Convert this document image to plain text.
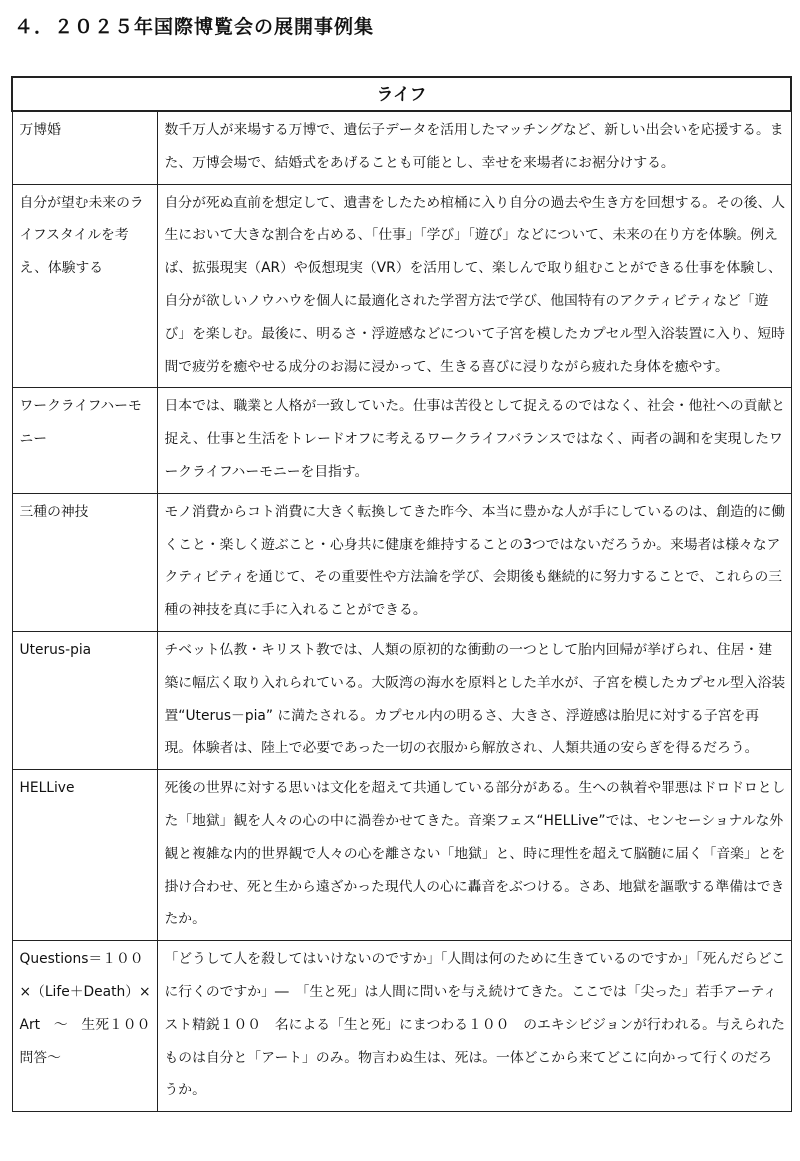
４．２０２５年国際博覧会の展開事例集
ライフ	
万博婚	数千万人が来場する万博で、遺伝子データを活用したマッチングなど、新しい出会いを応援する。また、万博会場で、結婚式をあげることも可能とし、幸せを来場者にお裾分けする。
自分が望む未来のライフスタイルを考え、体験する	自分が死ぬ直前を想定して、遺書をしたため棺桶に入り自分の過去や生き方を回想する。その後、人生において大きな割合を占める、「仕事」「学び」「遊び」などについて、未来の在り方を体験。例えば、拡張現実（AR）や仮想現実（VR）を活用して、楽しんで取り組むことができる仕事を体験し、自分が欲しいノウハウを個人に最適化された学習方法で学び、他国特有のアクティビティなど「遊び」を楽しむ。最後に、明るさ・浮遊感などについて子宮を模したカプセル型入浴装置に入り、短時間で疲労を癒やせる成分のお湯に浸かって、生きる喜びに浸りながら疲れた身体を癒やす。
ワークライフハーモニー	日本では、職業と人格が一致していた。仕事は苦役として捉えるのではなく、社会・他社への貢献と捉え、仕事と生活をトレードオフに考えるワークライフバランスではなく、両者の調和を実現したワークライフハーモニーを目指す。
三種の神技	モノ消費からコト消費に大きく転換してきた昨今、本当に豊かな人が手にしているのは、創造的に働くこと・楽しく遊ぶこと・心身共に健康を維持することの3つではないだろうか。来場者は様々なアクティビティを通じて、その重要性や方法論を学び、会期後も継続的に努力することで、これらの三種の神技を真に手に入れることができる。
Uterus‐pia	チベット仏教・キリスト教では、人類の原初的な衝動の一つとして胎内回帰が挙げられ、住居・建築に幅広く取り入れられている。大阪湾の海水を原料とした羊水が、子宮を模したカプセル型入浴装置“Uterus－pia” に満たされる。カプセル内の明るさ、大きさ、浮遊感は胎児に対する子宮を再現。体験者は、陸上で必要であった一切の衣服から解放され、人類共通の安らぎを得るだろう。
HELLive	死後の世界に対する思いは文化を超えて共通している部分がある。生への執着や罪悪はドロドロとした「地獄」観を人々の心の中に渦巻かせてきた。音楽フェス“HELLive”では、センセーショナルな外観と複雑な内的世界観で人々の心を離さない「地獄」と、時に理性を超えて脳髄に届く「音楽」とを掛け合わせ、死と生から遠ざかった現代人の心に轟音をぶつける。さあ、地獄を謳歌する準備はできたか。
Questions＝１００×（Life＋Death）×Art　～　生死１００　問答～	「どうして人を殺してはいけないのですか」「人間は何のために生きているのですか」「死んだらどこに行くのですか」―　「生と死」は人間に問いを与え続けてきた。ここでは「尖った」若手アーティスト精鋭１００　名による「生と死」にまつわる１００　のエキシビジョンが行われる。与えられたものは自分と「アート」のみ。物言わぬ生は、死は。一体どこから来てどこに向かって行くのだろうか。
